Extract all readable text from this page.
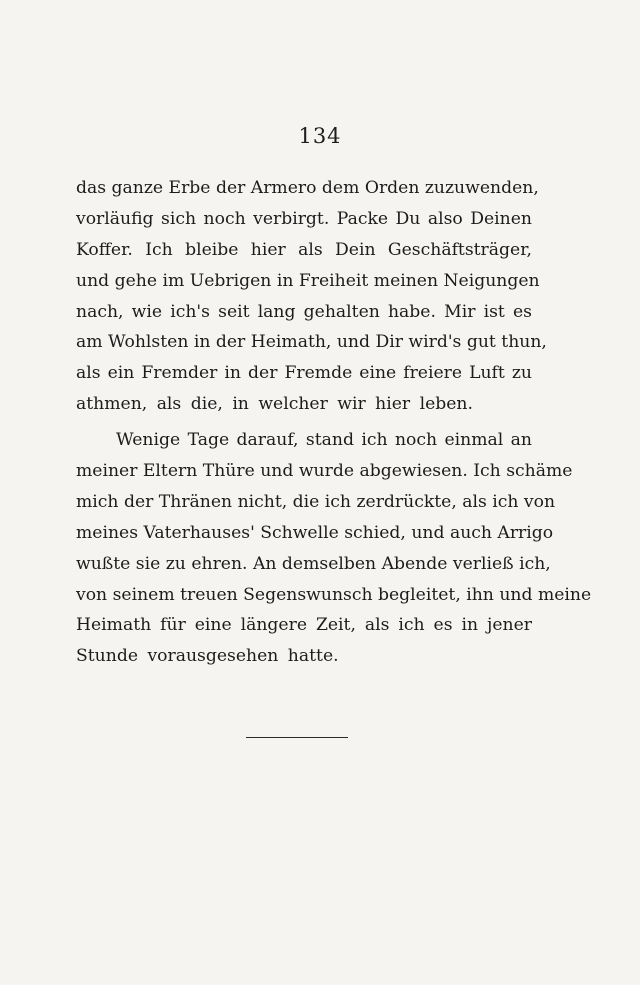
134
das ganze Erbe der Armero dem Orden zuzuwenden,
vorläufig sich noch verbirgt. Packe Du also Deinen
Koffer. Ich bleibe hier als Dein Geschäftsträger,
und gehe im Uebrigen in Freiheit meinen Neigungen
nach, wie ich's seit lang gehalten habe. Mir ist es
am Wohlsten in der Heimath, und Dir wird's gut thun,
als ein Fremder in der Fremde eine freiere Luft zu
athmen, als die, in welcher wir hier leben.
Wenige Tage darauf, stand ich noch einmal an
meiner Eltern Thüre und wurde abgewiesen. Ich schäme
mich der Thränen nicht, die ich zerdrückte, als ich von
meines Vaterhauses' Schwelle schied, und auch Arrigo
wußte sie zu ehren. An demselben Abende verließ ich,
von seinem treuen Segenswunsch begleitet, ihn und meine
Heimath für eine längere Zeit, als ich es in jener
Stunde vorausgesehen hatte.
